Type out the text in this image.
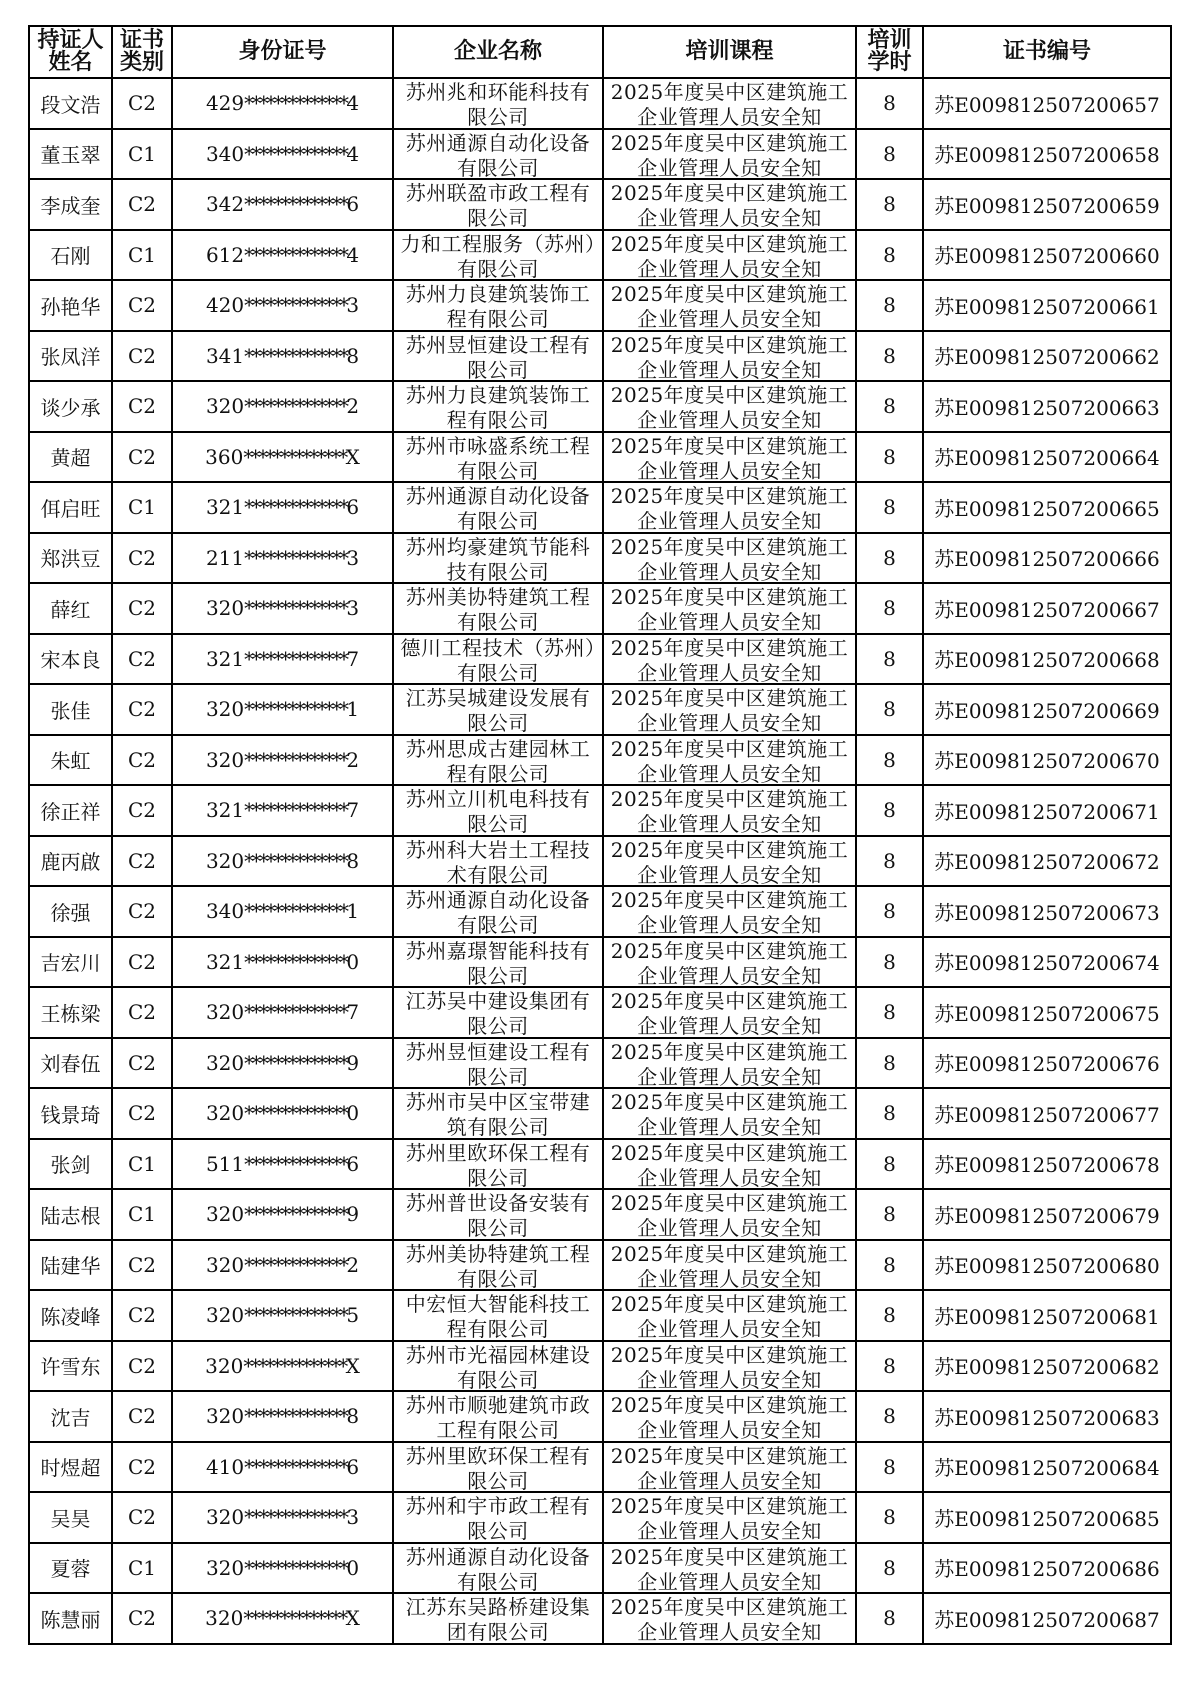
持证人姓名	证书类别	身份证号	企业名称	培训课程	培训学时	证书编号
段文浩	C2	429**************4	苏州兆和环能科技有限公司	2025年度吴中区建筑施工企业管理人员安全知	8	苏E009812507200657
董玉翠	C1	340**************4	苏州通源自动化设备有限公司	2025年度吴中区建筑施工企业管理人员安全知	8	苏E009812507200658
李成奎	C2	342**************6	苏州联盈市政工程有限公司	2025年度吴中区建筑施工企业管理人员安全知	8	苏E009812507200659
石刚	C1	612**************4	力和工程服务（苏州）有限公司	2025年度吴中区建筑施工企业管理人员安全知	8	苏E009812507200660
孙艳华	C2	420**************3	苏州力良建筑装饰工程有限公司	2025年度吴中区建筑施工企业管理人员安全知	8	苏E009812507200661
张凤洋	C2	341**************8	苏州昱恒建设工程有限公司	2025年度吴中区建筑施工企业管理人员安全知	8	苏E009812507200662
谈少承	C2	320**************2	苏州力良建筑装饰工程有限公司	2025年度吴中区建筑施工企业管理人员安全知	8	苏E009812507200663
黄超	C2	360**************X	苏州市咏盛系统工程有限公司	2025年度吴中区建筑施工企业管理人员安全知	8	苏E009812507200664
佴启旺	C1	321**************6	苏州通源自动化设备有限公司	2025年度吴中区建筑施工企业管理人员安全知	8	苏E009812507200665
郑洪豆	C2	211**************3	苏州均豪建筑节能科技有限公司	2025年度吴中区建筑施工企业管理人员安全知	8	苏E009812507200666
薛红	C2	320**************3	苏州美协特建筑工程有限公司	2025年度吴中区建筑施工企业管理人员安全知	8	苏E009812507200667
宋本良	C2	321**************7	德川工程技术（苏州）有限公司	2025年度吴中区建筑施工企业管理人员安全知	8	苏E009812507200668
张佳	C2	320**************1	江苏吴城建设发展有限公司	2025年度吴中区建筑施工企业管理人员安全知	8	苏E009812507200669
朱虹	C2	320**************2	苏州思成古建园林工程有限公司	2025年度吴中区建筑施工企业管理人员安全知	8	苏E009812507200670
徐正祥	C2	321**************7	苏州立川机电科技有限公司	2025年度吴中区建筑施工企业管理人员安全知	8	苏E009812507200671
鹿丙啟	C2	320**************8	苏州科大岩土工程技术有限公司	2025年度吴中区建筑施工企业管理人员安全知	8	苏E009812507200672
徐强	C2	340**************1	苏州通源自动化设备有限公司	2025年度吴中区建筑施工企业管理人员安全知	8	苏E009812507200673
吉宏川	C2	321**************0	苏州嘉璟智能科技有限公司	2025年度吴中区建筑施工企业管理人员安全知	8	苏E009812507200674
王栋梁	C2	320**************7	江苏吴中建设集团有限公司	2025年度吴中区建筑施工企业管理人员安全知	8	苏E009812507200675
刘春伍	C2	320**************9	苏州昱恒建设工程有限公司	2025年度吴中区建筑施工企业管理人员安全知	8	苏E009812507200676
钱景琦	C2	320**************0	苏州市吴中区宝带建筑有限公司	2025年度吴中区建筑施工企业管理人员安全知	8	苏E009812507200677
张剑	C1	511**************6	苏州里欧环保工程有限公司	2025年度吴中区建筑施工企业管理人员安全知	8	苏E009812507200678
陆志根	C1	320**************9	苏州普世设备安装有限公司	2025年度吴中区建筑施工企业管理人员安全知	8	苏E009812507200679
陆建华	C2	320**************2	苏州美协特建筑工程有限公司	2025年度吴中区建筑施工企业管理人员安全知	8	苏E009812507200680
陈凌峰	C2	320**************5	中宏恒大智能科技工程有限公司	2025年度吴中区建筑施工企业管理人员安全知	8	苏E009812507200681
许雪东	C2	320**************X	苏州市光福园林建设有限公司	2025年度吴中区建筑施工企业管理人员安全知	8	苏E009812507200682
沈吉	C2	320**************8	苏州市顺驰建筑市政工程有限公司	2025年度吴中区建筑施工企业管理人员安全知	8	苏E009812507200683
时煜超	C2	410**************6	苏州里欧环保工程有限公司	2025年度吴中区建筑施工企业管理人员安全知	8	苏E009812507200684
吴昊	C2	320**************3	苏州和宇市政工程有限公司	2025年度吴中区建筑施工企业管理人员安全知	8	苏E009812507200685
夏蓉	C1	320**************0	苏州通源自动化设备有限公司	2025年度吴中区建筑施工企业管理人员安全知	8	苏E009812507200686
陈慧丽	C2	320**************X	江苏东吴路桥建设集团有限公司	2025年度吴中区建筑施工企业管理人员安全知	8	苏E009812507200687
